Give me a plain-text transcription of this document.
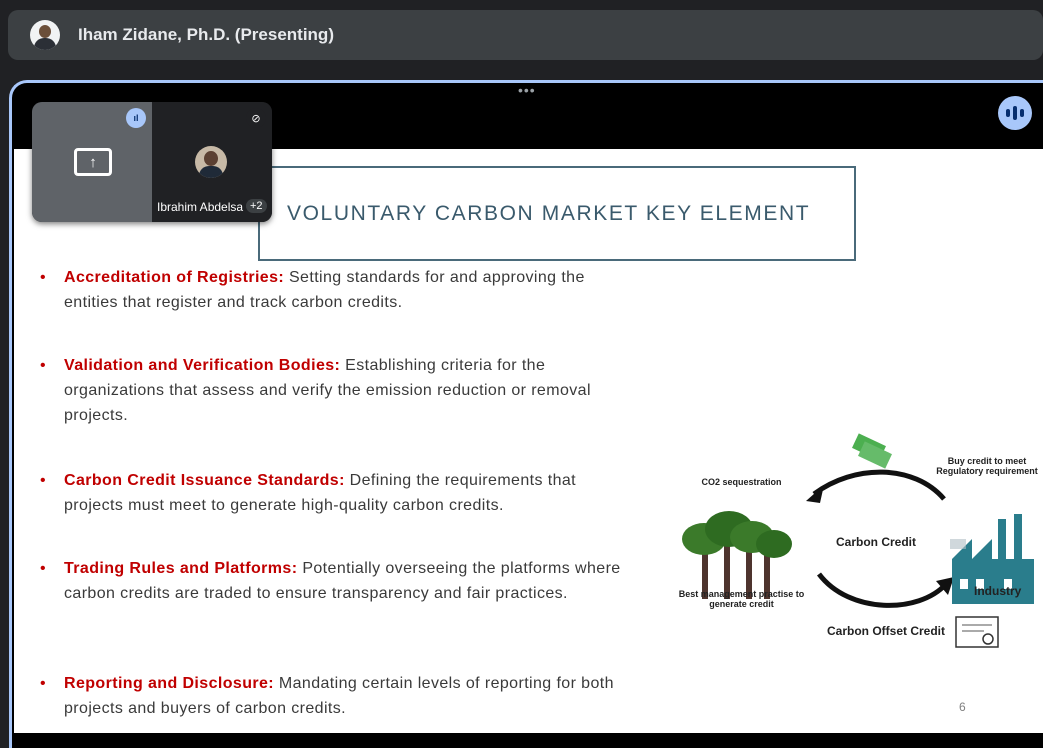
Iham Zidane, Ph.D. (Presenting)
•••
VOLUNTARY CARBON MARKET KEY ELEMENT
• Accreditation of Registries: Setting standards for and approving the entities that register and track carbon credits.
• Validation and Verification Bodies: Establishing criteria for the organizations that assess and verify the emission reduction or removal projects.
• Carbon Credit Issuance Standards: Defining the requirements that projects must meet to generate high-quality carbon credits.
• Trading Rules and Platforms: Potentially overseeing the platforms where carbon credits are traded to ensure transparency and fair practices.
• Reporting and Disclosure: Mandating certain levels of reporting for both projects and buyers of carbon credits.
CO2 sequestration
Buy credit to meet Regulatory requirement
Carbon Credit
Industry
Best management practise to generate credit
Carbon Offset Credit
6
↑
ıl	⊘
Ibrahim Abdelsa +2
